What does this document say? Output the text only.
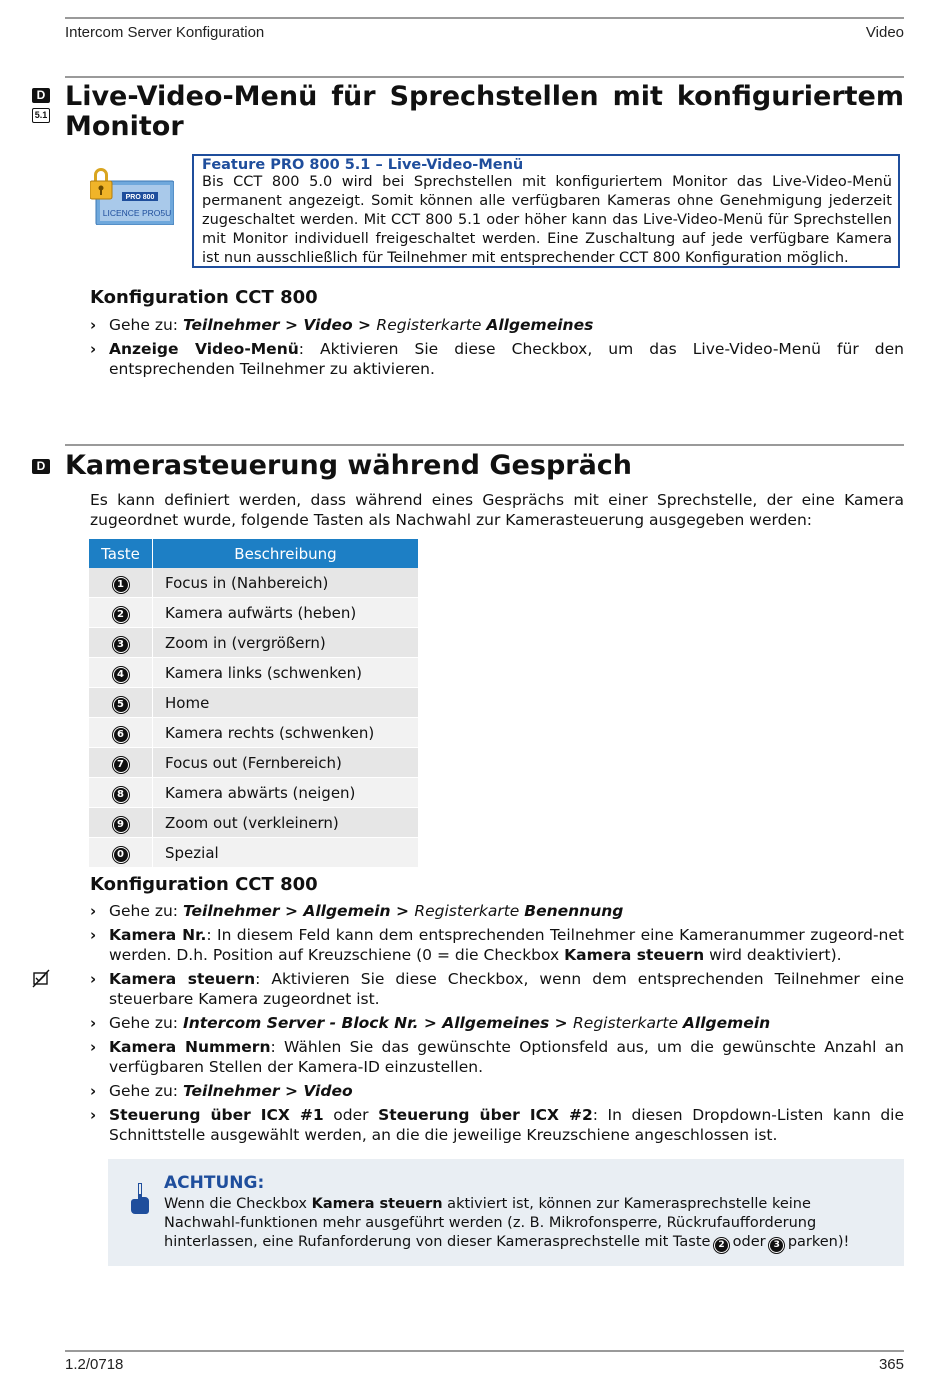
Intercom Server Konfiguration	Video
D
5.1
Live-Video-Menü für Sprechstellen mit konfiguriertem
Monitor
PRO 800
LICENCE PRO5U
Feature PRO 800 5.1 – Live-Video-Menü
Bis CCT 800 5.0 wird bei Sprechstellen mit konfiguriertem Monitor das Live-Video-Menü permanent angezeigt. Somit können alle verfügbaren Kameras ohne Genehmigung jederzeit zugeschaltet werden. Mit CCT 800 5.1 oder höher kann das Live-Video-Menü für Sprechstellen mit Monitor individuell freigeschaltet werden. Eine Zuschaltung auf jede verfügbare Kamera ist nun ausschließlich für Teilnehmer mit entsprechender CCT 800 Konfiguration möglich.
Konfiguration CCT 800
› Gehe zu: Teilnehmer > Video > Registerkarte Allgemeines
› Anzeige Video-Menü: Aktivieren Sie diese Checkbox, um das Live-Video-Menü für den entsprechenden Teilnehmer zu aktivieren.
D Kamerasteuerung während Gespräch
Es kann definiert werden, dass während eines Gesprächs mit einer Sprechstelle, der eine Kamera zugeordnet wurde, folgende Tasten als Nachwahl zur Kamerasteuerung ausgegeben werden:
Taste	Beschreibung
1	Focus in (Nahbereich)
2	Kamera aufwärts (heben)
3	Zoom in (vergrößern)
4	Kamera links (schwenken)
5	Home
6	Kamera rechts (schwenken)
7	Focus out (Fernbereich)
8	Kamera abwärts (neigen)
9	Zoom out (verkleinern)
0	Spezial
Konfiguration CCT 800
› Gehe zu: Teilnehmer > Allgemein > Registerkarte Benennung
› Kamera Nr.: In diesem Feld kann dem entsprechenden Teilnehmer eine Kameranummer zugeord-net werden. D.h. Position auf Kreuzschiene (0 = die Checkbox Kamera steuern wird deaktiviert).
› Kamera steuern: Aktivieren Sie diese Checkbox, wenn dem entsprechenden Teilnehmer eine steuerbare Kamera zugeordnet ist.
› Gehe zu: Intercom Server - Block Nr. > Allgemeines > Registerkarte Allgemein
› Kamera Nummern: Wählen Sie das gewünschte Optionsfeld aus, um die gewünschte Anzahl an verfügbaren Stellen der Kamera-ID einzustellen.
› Gehe zu: Teilnehmer > Video
› Steuerung über ICX #1 oder Steuerung über ICX #2: In diesen Dropdown-Listen kann die Schnittstelle ausgewählt werden, an die die jeweilige Kreuzschiene angeschlossen ist.
ACHTUNG:
Wenn die Checkbox Kamera steuern aktiviert ist, können zur Kamerasprechstelle keine Nachwahl-funktionen mehr ausgeführt werden (z. B. Mikrofonsperre, Rückrufaufforderung hinterlassen, eine Rufanforderung von dieser Kamerasprechstelle mit Taste 2 oder 3 parken)!
1.2/0718	365
